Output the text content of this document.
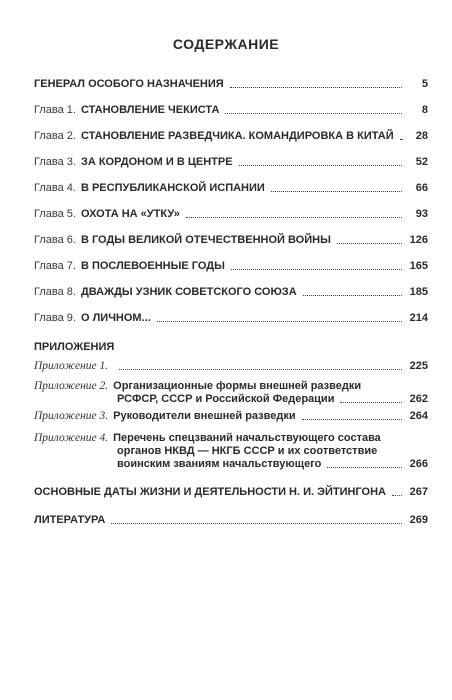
СОДЕРЖАНИЕ
ГЕНЕРАЛ ОСОБОГО НАЗНАЧЕНИЯ	5
Глава 1. СТАНОВЛЕНИЕ ЧЕКИСТА	8
Глава 2. СТАНОВЛЕНИЕ РАЗВЕДЧИКА. КОМАНДИРОВКА В КИТАЙ	28
Глава 3. ЗА КОРДОНОМ И В ЦЕНТРЕ	52
Глава 4. В РЕСПУБЛИКАНСКОЙ ИСПАНИИ	66
Глава 5. ОХОТА НА «УТКУ»	93
Глава 6. В ГОДЫ ВЕЛИКОЙ ОТЕЧЕСТВЕННОЙ ВОЙНЫ	126
Глава 7. В ПОСЛЕВОЕННЫЕ ГОДЫ	165
Глава 8. ДВАЖДЫ УЗНИК СОВЕТСКОГО СОЮЗА	185
Глава 9. О ЛИЧНОМ...	214
ПРИЛОЖЕНИЯ
Приложение 1.	225
Приложение 2. Организационные формы внешней разведки
РСФСР, СССР и Российской Федерации	262
Приложение 3. Руководители внешней разведки	264
Приложение 4. Перечень спецзваний начальствующего состава
органов НКВД — НКГБ СССР и их соответствие
воинским званиям начальствующего	266
ОСНОВНЫЕ ДАТЫ ЖИЗНИ И ДЕЯТЕЛЬНОСТИ Н. И. ЭЙТИНГОНА 267
ЛИТЕРАТУРА	269
